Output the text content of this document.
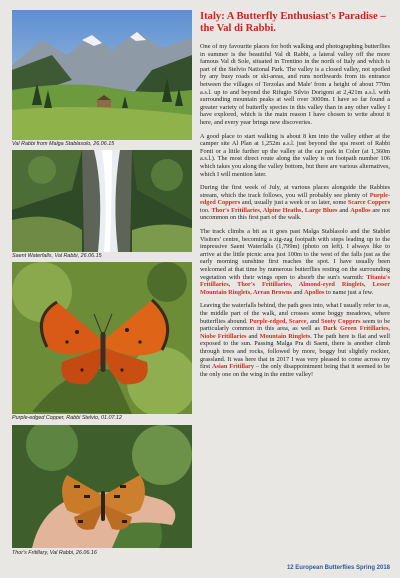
Val Rabbi from Malga Stablasolo, 26.06.15
Saent Waterfalls, Val Rabbi, 26.06.15
Purple-edged Copper, Rabbi Stelvio, 01.07.12
Thor's Fritillary, Val Rabbi, 26.06.16
Italy: A Butterfly Enthusiast's Paradise – the Val di Rabbi.

One of my favourite places for both walking and photographing butterflies in summer is the beautiful Val di Rabbi, a lateral valley off the more famous Val di Sole, situated in Trentino in the north of Italy and which is part of the Stelvio National Park. The valley is a closed valley, not spoiled by any busy roads or ski-areas, and runs northwards from its entrance between the villages of Terzolas and Male' from a height of about 770m a.s.l. up to and beyond the Rifugio Silvio Dorigoni at 2,421m a.s.l. with surrounding mountain peaks at well over 3000m. I have so far found a greater variety of butterfly species in this valley than in any other valley I have explored, which is the main reason I have chosen to write about it here, and every year brings new discoveries.

A good place to start walking is about 8 km into the valley either at the camper site Al Plan at 1,252m a.s.l. just beyond the spa resort of Rabbi Fonti or a little further up the valley at the car park in Coler (at 1,360m a.s.l.). The most direct route along the valley is on footpath number 106 which takes you along the valley bottom, but there are various alternatives, which I will mention later.

During the first week of July, at various places alongside the Rabbies stream, which the track follows, you will probably see plenty of Purple-edged Coppers and, usually just a week or so later, some Scarce Coppers too. Thor's Fritillaries, Alpine Heaths, Large Blues and Apollos are not uncommon on this first part of the walk.

The track climbs a bit as it goes past Malga Stablasolo and the Stablet Visitors' centre, becoming a zig-zag footpath with steps leading up to the impressive Saent Waterfalls (1,799m) (photo on left). I always like to arrive at the little picnic area just 100m to the west of the falls just as the early morning sunshine first reaches the spot. I have usually been welcomed at that time by numerous butterflies resting on the surrounding vegetation with their wings open to absorb the sun's warmth: Titania's Fritillaries, Thor's Fritillaries, Almond-eyed Ringlets, Lesser Mountain Ringlets, Arran Browns and Apollos to name just a few.

Leaving the waterfalls behind, the path goes into, what I usually refer to as, the middle part of the walk, and crosses some boggy meadows, where butterflies abound. Purple-edged, Scarce, and Sooty Coppers seem to be particularly common in this area, as well as Dark Green Fritillaries, Niobe Fritillaries and Mountain Ringlets. The path here is flat and well exposed to the sun. Passing Malga Pra di Saent, there is another climb through trees and rocks, followed by more, boggy but slightly rockier, grassland. It was here that in 2017 I was very pleased to come across my first Asian Fritillary – the only disappointment being that it seemed to be the only one on the wing in the entire valley!

12 European Butterflies Spring 2018
